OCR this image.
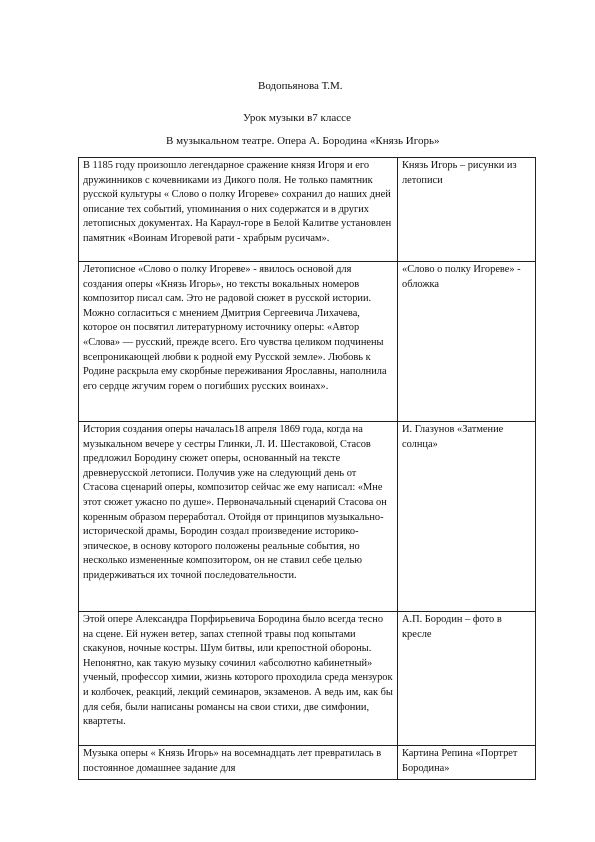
Водопьянова Т.М.
Урок музыки в7 классе
В музыкальном театре. Опера А. Бородина «Князь Игорь»
В 1185 году произошло легендарное сражение князя Игоря и его дружинников с кочевниками из Дикого поля. Не только памятник русской культуры « Слово о полку Игореве» сохранил до наших дней описание тех событий, упоминания о них содержатся и в других летописных документах. На Караул-горе в Белой Калитве установлен памятник «Воинам Игоревой рати - храбрым русичам».	Князь Игорь – рисунки из летописи

Летописное «Слово о полку Игореве» - явилось основой для создания оперы «Князь Игорь», но тексты вокальных номеров композитор писал сам. Это не радовой сюжет в русской истории. Можно согласиться с мнением Дмитрия Сергеевича Лихачева, которое он посвятил литературному источнику оперы: «Автор «Слова» — русский, прежде всего. Его чувства целиком подчинены всепроникающей любви к родной ему Русской земле». Любовь к Родине раскрыла ему скорбные переживания Ярославны, наполнила его сердце жгучим горем о погибших русских воинах».	«Слово о полку Игореве» - обложка

История создания оперы началась18 апреля 1869 года, когда на музыкальном вечере у сестры Глинки, Л. И. Шестаковой, Стасов предложил Бородину сюжет оперы, основанный на тексте древнерусской летописи. Получив уже на следующий день от Стасова сценарий оперы, композитор сейчас же ему написал: «Мне этот сюжет ужасно по душе». Первоначальный сценарий Стасова он коренным образом переработал. Отойдя от принципов музыкально-исторической драмы, Бородин создал произведение историко-эпическое, в основу которого положены реальные события, но несколько измененные композитором, он не ставил себе целью придерживаться их точной последовательности.	И. Глазунов «Затмение солнца»

Этой опере Александра Порфирьевича Бородина было всегда тесно на сцене. Ей нужен ветер, запах степной травы под копытами скакунов, ночные костры. Шум битвы, или крепостной обороны. Непонятно, как такую музыку сочинил «абсолютно кабинетный» ученый, профессор химии, жизнь которого проходила среда мензурок и колбочек, реакций, лекций семинаров, экзаменов. А ведь им, как бы для себя, были написаны романсы на свои стихи, две симфонии, квартеты.	А.П. Бородин – фото в кресле

Музыка оперы « Князь Игорь» на восемнадцать лет превратилась в постоянное домашнее задание для	Картина Репина «Портрет Бородина»
